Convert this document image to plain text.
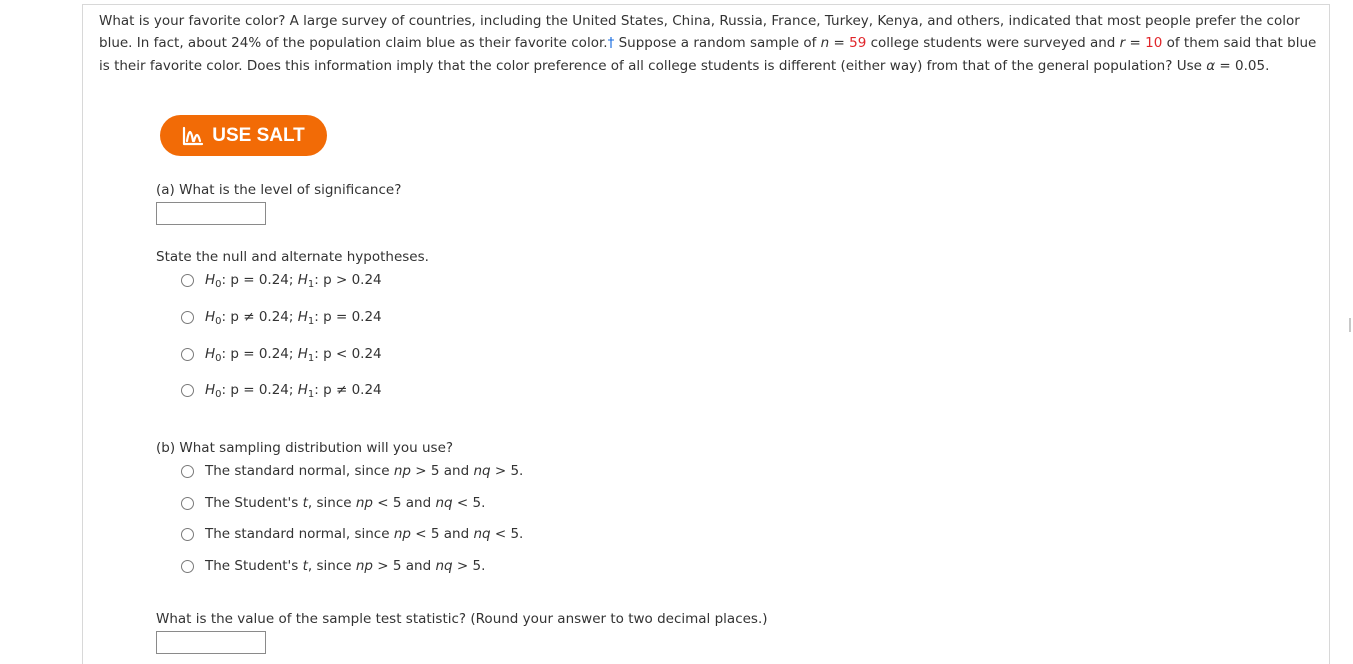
What is your favorite color? A large survey of countries, including the United States, China, Russia, France, Turkey, Kenya, and others, indicated that most people prefer the color blue. In fact, about 24% of the population claim blue as their favorite color.† Suppose a random sample of n = 59 college students were surveyed and r = 10 of them said that blue is their favorite color. Does this information imply that the color preference of all college students is different (either way) from that of the general population? Use α = 0.05.

USE SALT

(a) What is the level of significance?

State the null and alternate hypotheses.

$H_0$: p = 0.24; $H_1$: p > 0.24
$H_0$: p ≠ 0.24; $H_1$: p = 0.24
$H_0$: p = 0.24; $H_1$: p < 0.24
$H_0$: p = 0.24; $H_1$: p ≠ 0.24

(b) What sampling distribution will you use?

The standard normal, since np > 5 and nq > 5.
The Student's t, since np < 5 and nq < 5.
The standard normal, since np < 5 and nq < 5.
The Student's t, since np > 5 and nq > 5.

What is the value of the sample test statistic? (Round your answer to two decimal places.)
